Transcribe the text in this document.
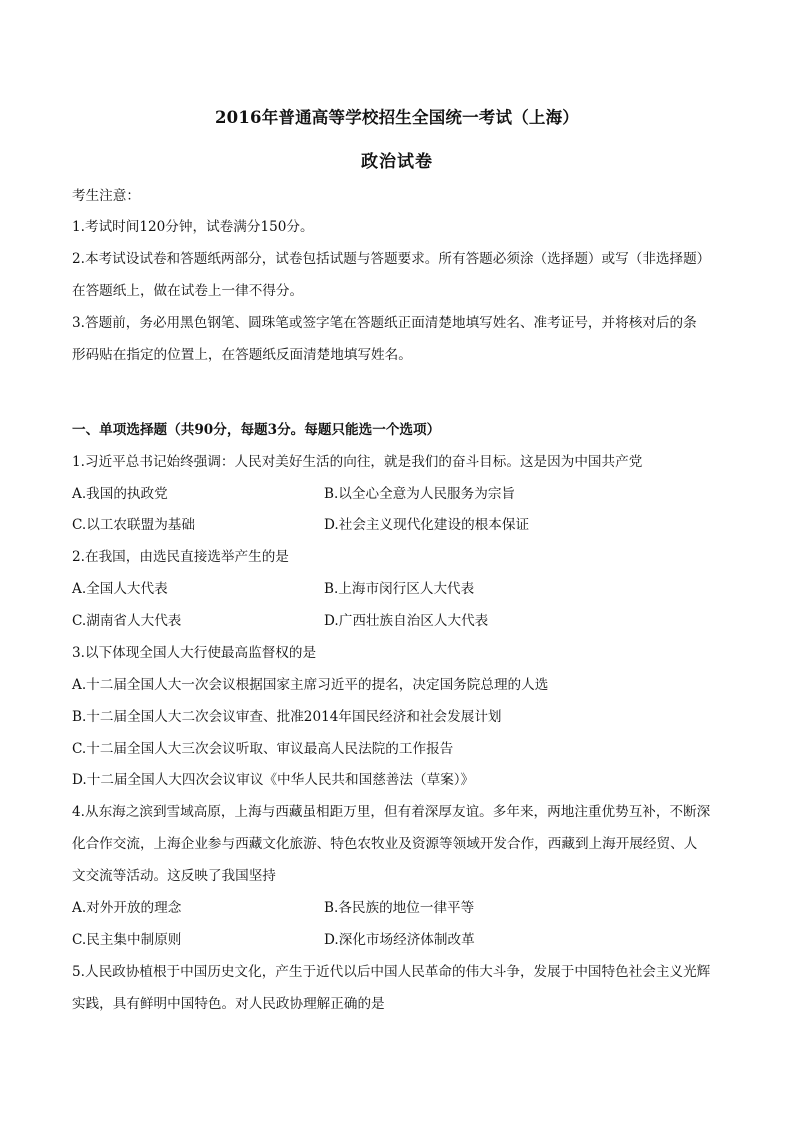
2016年普通高等学校招生全国统一考试（上海）
政治试卷
考生注意：
1.考试时间120分钟，试卷满分150分。
2.本考试设试卷和答题纸两部分，试卷包括试题与答题要求。所有答题必须涂（选择题）或写（非选择题）
在答题纸上，做在试卷上一律不得分。
3.答题前，务必用黑色钢笔、圆珠笔或签字笔在答题纸正面清楚地填写姓名、准考证号，并将核对后的条
形码贴在指定的位置上，在答题纸反面清楚地填写姓名。
一、单项选择题（共90分，每题3分。每题只能选一个选项）
1.习近平总书记始终强调：人民对美好生活的向往，就是我们的奋斗目标。这是因为中国共产党
A.我国的执政党	B.以全心全意为人民服务为宗旨
C.以工农联盟为基础	D.社会主义现代化建设的根本保证
2.在我国，由选民直接选举产生的是
A.全国人大代表	B.上海市闵行区人大代表
C.湖南省人大代表	D.广西壮族自治区人大代表
3.以下体现全国人大行使最高监督权的是
A.十二届全国人大一次会议根据国家主席习近平的提名，决定国务院总理的人选
B.十二届全国人大二次会议审查、批准2014年国民经济和社会发展计划
C.十二届全国人大三次会议听取、审议最高人民法院的工作报告
D.十二届全国人大四次会议审议《中华人民共和国慈善法（草案）》
4.从东海之滨到雪域高原，上海与西藏虽相距万里，但有着深厚友谊。多年来，两地注重优势互补，不断深
化合作交流，上海企业参与西藏文化旅游、特色农牧业及资源等领域开发合作，西藏到上海开展经贸、人
文交流等活动。这反映了我国坚持
A.对外开放的理念	B.各民族的地位一律平等
C.民主集中制原则	D.深化市场经济体制改革
5.人民政协植根于中国历史文化，产生于近代以后中国人民革命的伟大斗争，发展于中国特色社会主义光辉
实践，具有鲜明中国特色。对人民政协理解正确的是
